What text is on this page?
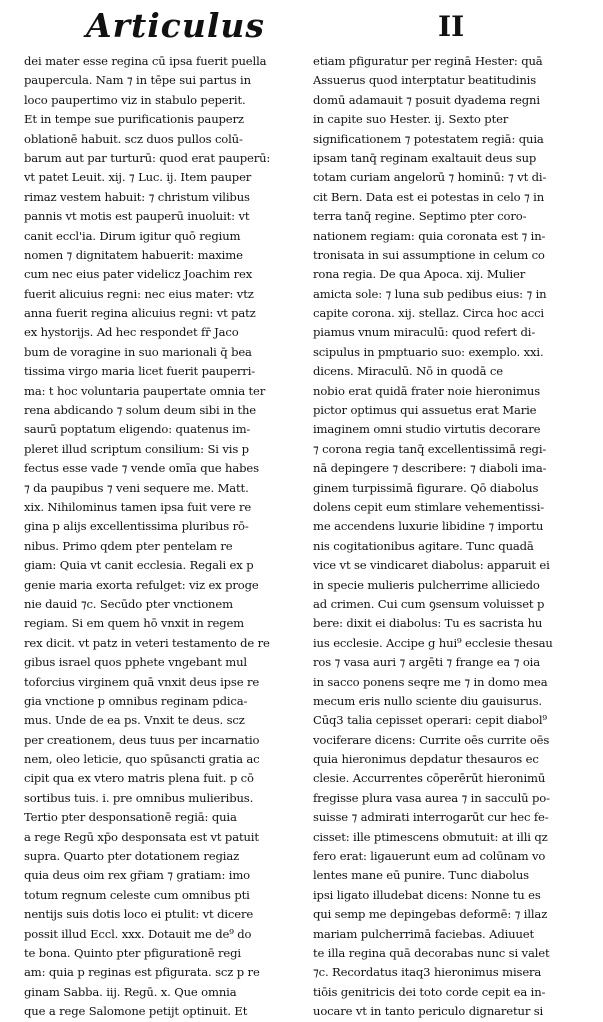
Articulus	II
dei mater esse regina cū ipsa fuerit puella
paupercula. Nam ⁊ in tēpe sui partus in
loco paupertimo viz in stabulo peperit.
Et in tempe sue purificationis pauperz
oblationē habuit. scz duos pullos colū-
barum aut par turturū: quod erat pauperū:
vt patet Leuit. xij. ⁊ Luc. ij. Item pauper
rimaz vestem habuit: ⁊ christum vilibus
pannis vt motis est pauperū inuoluit: vt
canit eccl'ia. Dirum igitur quō regium
nomen ⁊ dignitatem habuerit: maxime
cum nec eius pater videlicz Joachim rex
fuerit alicuius regni: nec eius mater: vtz
anna fuerit regina alicuius regni: vt patz
ex hystorijs. Ad hec respondet fr̄ Jaco
bum de voragine in suo marionali q̄ bea
tissima virgo maria licet fuerit pauperri-
ma: t hoc voluntaria paupertate omnia ter
rena abdicando ⁊ solum deum sibi in the
saurū poptatum eligendo: quatenus im-
pleret illud scriptum consilium: Si vis p
fectus esse vade ⁊ vende omīa que habes
⁊ da paupibus ⁊ veni sequere me. Matt.
xix. Nihilominus tamen ipsa fuit vere re
gina p alijs excellentissima pluribus rō-
nibus. Primo qdem pter pentelam re
giam: Quia vt canit ecclesia. Regali ex p
genie maria exorta refulget: viz ex proge
nie dauid ⁊c. Secūdo pter vnctionem
regiam. Si em quem hō vnxit in regem
rex dicit. vt patz in veteri testamento de re
gibus israel quos pphete vngebant mul
toforcius virginem quā vnxit deus ipse re
gia vnctione p omnibus reginam pdica-
mus. Unde de ea ps. Vnxit te deus. scz
per creationem, deus tuus per incarnatio
nem, oleo leticie, quo spūsancti gratia ac
cipit qua ex vtero matris plena fuit. p cō
sortibus tuis. i. pre omnibus mulieribus.
Tertio pter desponsationē regiā: quia
a rege Regū xp̄o desponsata est vt patuit
supra. Quarto pter dotationem regiaz
quia deus oim rex gr̄iam ⁊ gratiam: imo
totum regnum celeste cum omnibus pti
nentijs suis dotis loco ei ptulit: vt dicere
possit illud Eccl. xxx. Dotauit me de⁹ do
te bona. Quinto pter pfigurationē regi
am: quia p reginas est pfigurata. scz p re
ginam Sabba. iij. Regū. x. Que omnia
que a rege Salomone petijt optinuit. Et
etiam pfiguratur per reginā Hester: quā
Assuerus quod interptatur beatitudinis
domū adamauit ⁊ posuit dyadema regni
in capite suo Hester. ij. Sexto pter
significationem ⁊ potestatem regiā: quia
ipsam tanq̄ reginam exaltauit deus sup
totam curiam angelorū ⁊ hominū: ⁊ vt di-
cit Bern. Data est ei potestas in celo ⁊ in
terra tanq̄ regine. Septimo pter coro-
nationem regiam: quia coronata est ⁊ in-
tronisata in sui assumptione in celum co
rona regia. De qua Apoca. xij. Mulier
amicta sole: ⁊ luna sub pedibus eius: ⁊ in
capite corona. xij. stellaz. Circa hoc acci
piamus vnum miraculū: quod refert di-
scipulus in pmptuario suo: exemplo. xxi.
dicens. Miraculū. Nō in quodā ce
nobio erat quidā frater noie hieronimus
pictor optimus qui assuetus erat Marie
imaginem omni studio virtutis decorare
⁊ corona regia tanq̄ excellentissimā regi-
nā depingere ⁊ describere: ⁊ diaboli ima-
ginem turpissimā figurare. Qō diabolus
dolens cepit eum stimlare vehementissi-
me accendens luxurie libidine ⁊ importu
nis cogitationibus agitare. Tunc quadā
vice vt se vindicaret diabolus: apparuit ei
in specie mulieris pulcherrime alliciedo
ad crimen. Cui cum ꝯsensum voluisset p
bere: dixit ei diabolus: Tu es sacrista hu
ius ecclesie. Accipe g hui⁹ ecclesie thesau
ros ⁊ vasa auri ⁊ argēti ⁊ frange ea ⁊ oia
in sacco ponens seqre me ⁊ in domo mea
mecum eris nullo sciente diu gauisurus.
Cūq3 talia cepisset operari: cepit diabol⁹
vociferare dicens: Currite oēs currite oēs
quia hieronimus depdatur thesauros ec
clesie. Accurrentes cōperērūt hieronimū
fregisse plura vasa aurea ⁊ in sacculū po-
suisse ⁊ admirati interrogarūt cur hec fe-
cisset: ille ptimescens obmutuit: at illi qz
fero erat: ligauerunt eum ad colūnam vo
lentes mane eū punire. Tunc diabolus
ipsi ligato illudebat dicens: Nonne tu es
qui semp me depingebas deformē: ⁊ illaz
mariam pulcherrimā faciebas. Adiuuet
te illa regina quā decorabas nunc si valet
⁊c. Recordatus itaq3 hieronimus misera
tiōis genitricis dei toto corde cepit ea in-
uocare vt in tanto periculo dignaretur si
